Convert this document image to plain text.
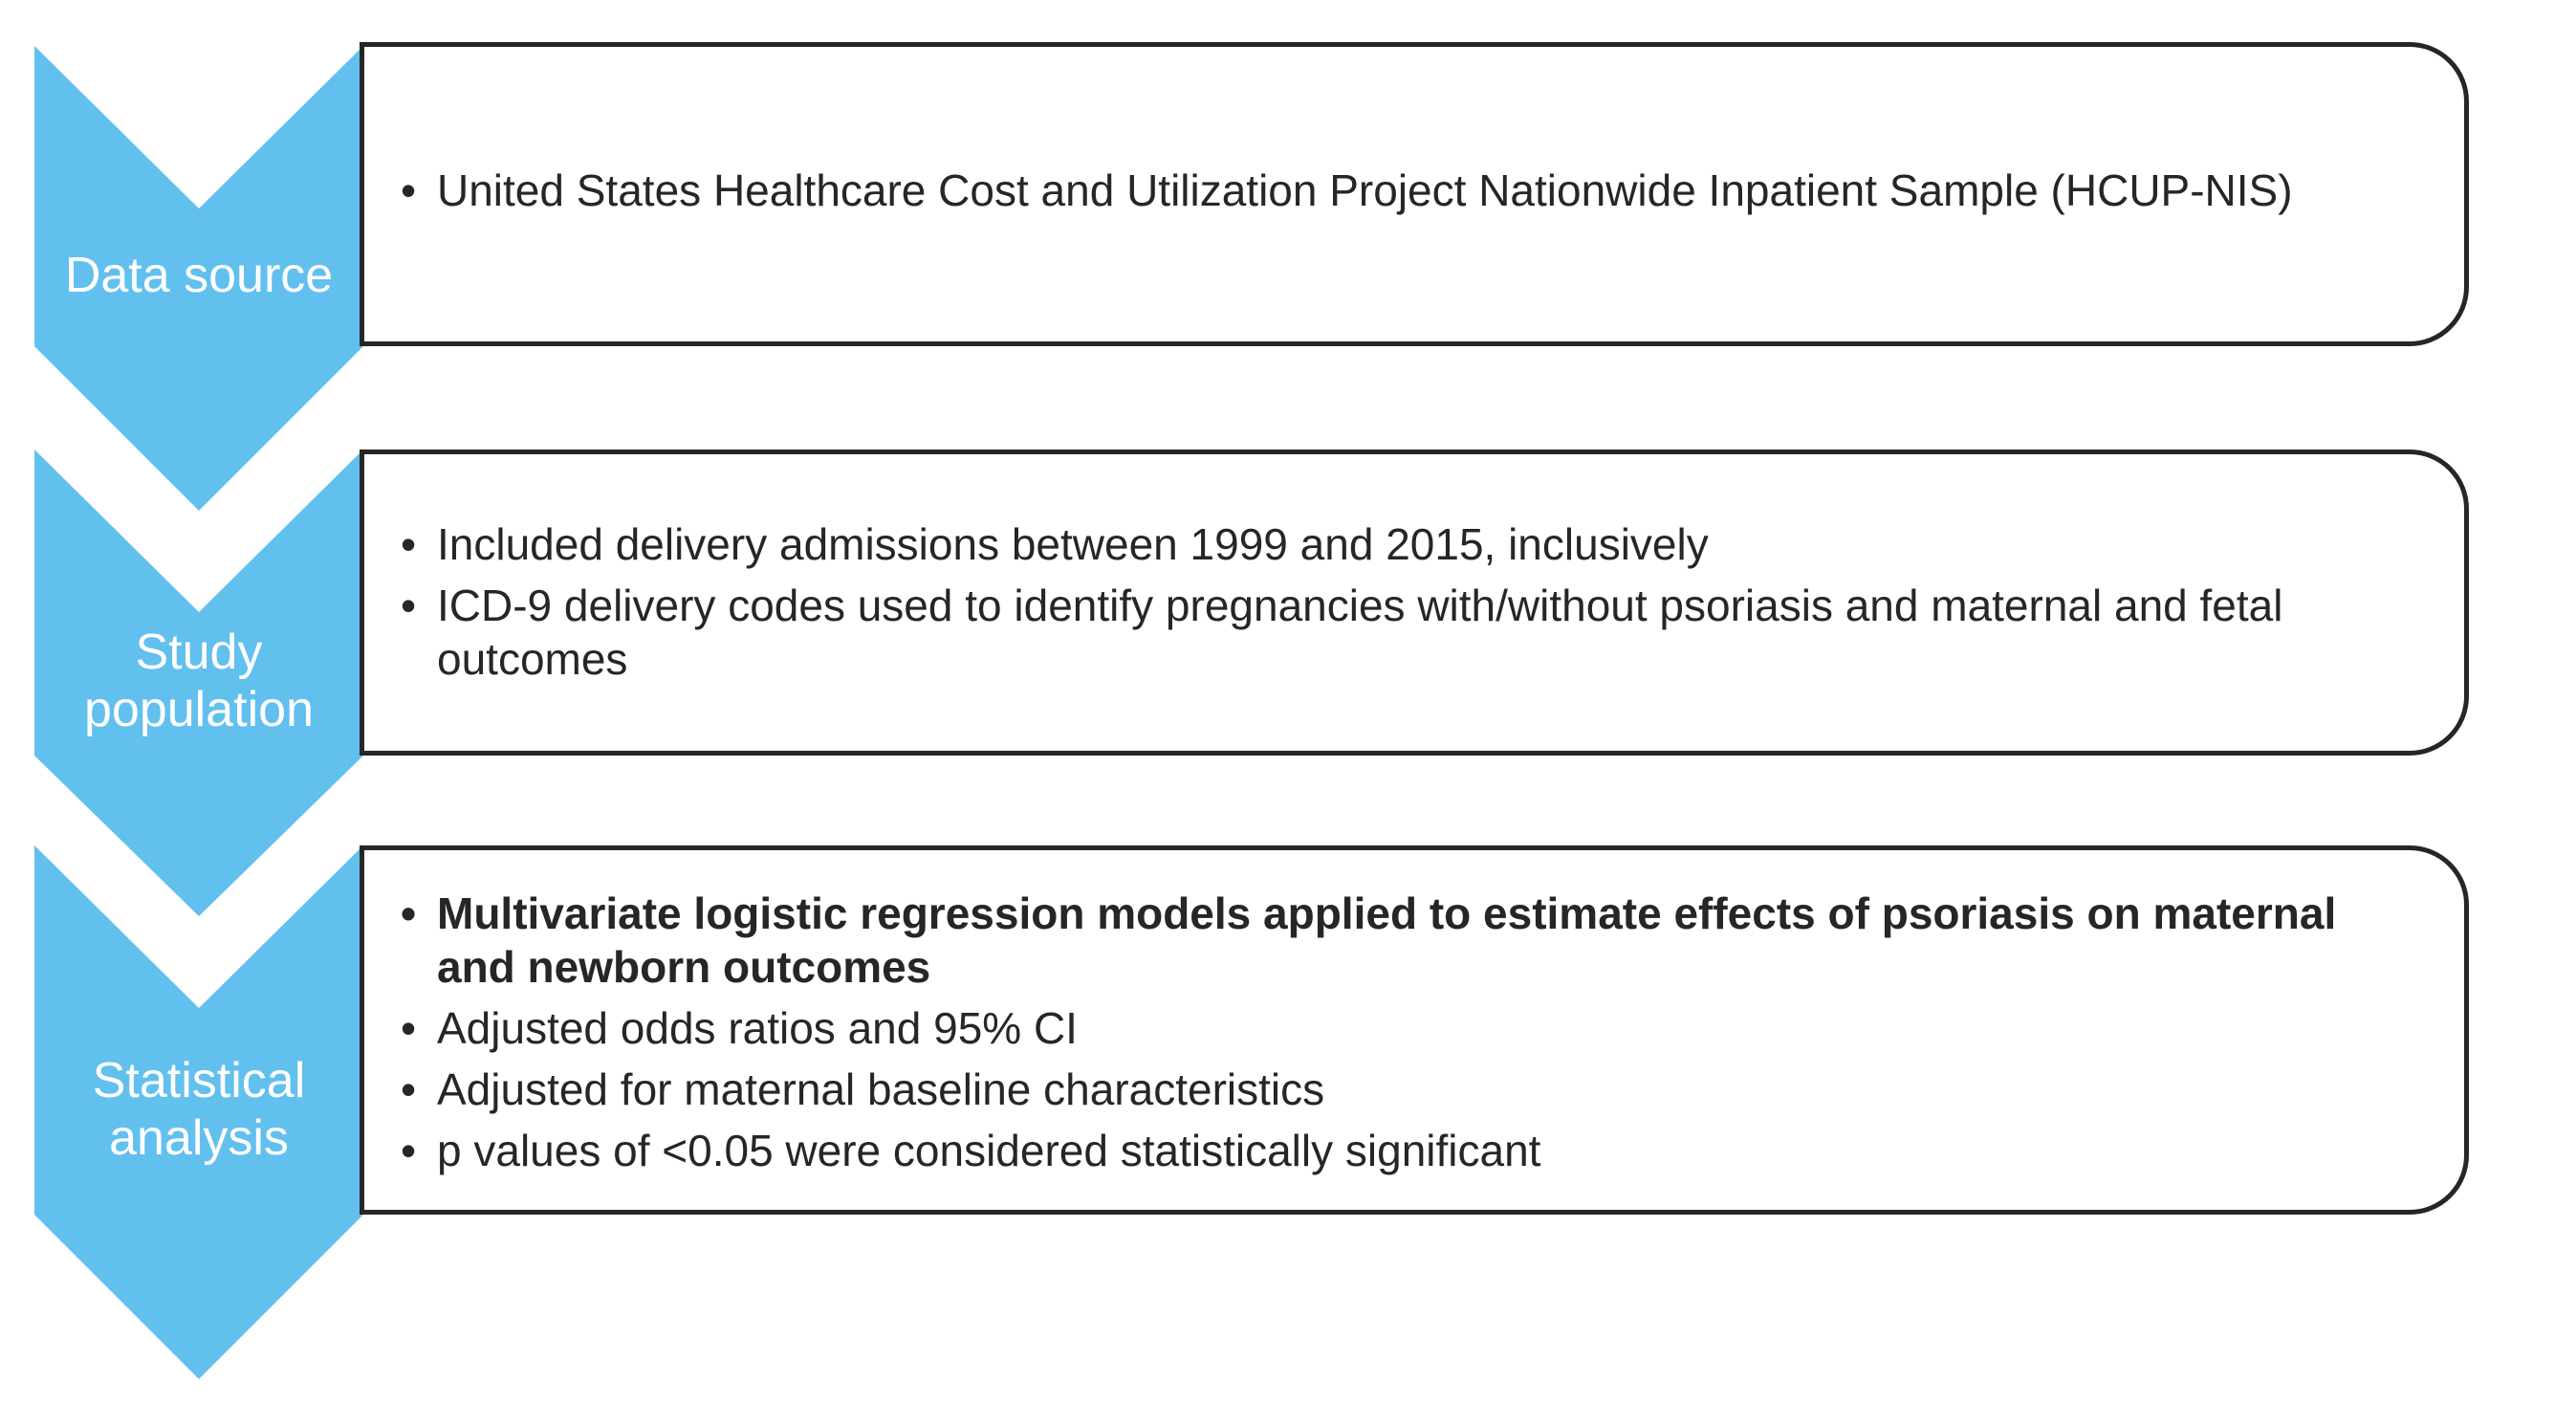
Data source
Study
population
Statistical
analysis
• United States Healthcare Cost and Utilization Project Nationwide Inpatient Sample (HCUP-NIS)
• Included delivery admissions between 1999 and 2015, inclusively
• ICD-9 delivery codes used to identify pregnancies with/without psoriasis and maternal and fetal outcomes
• Multivariate logistic regression models applied to estimate effects of psoriasis on maternal and newborn outcomes
• Adjusted odds ratios and 95% CI
• Adjusted for maternal baseline characteristics
• p values of <0.05 were considered statistically significant
